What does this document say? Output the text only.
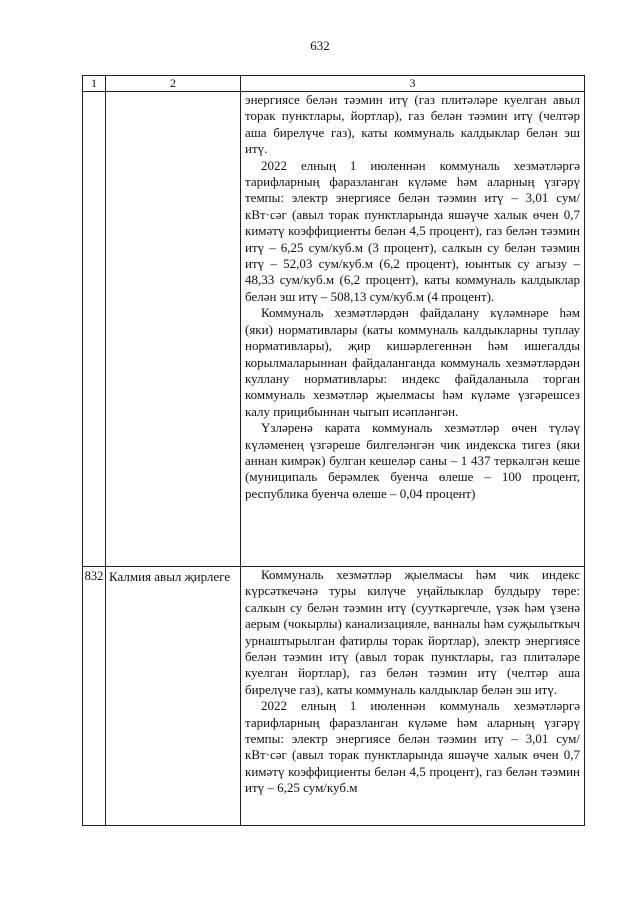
632
1	2	3

		энергиясе белән тәэмин итү (газ плитәләре куелган авыл торак пунктлары, йортлар), газ белән тәэмин итү (челтәр аша бирелүче газ), каты коммуналь калдыклар белән эш итү.

2022 елның 1 июленнән коммуналь хезмәтләргә тарифларның фаразланган күләме һәм аларның үзгәрү темпы: электр энергиясе белән тәэмин итү – 3,01 сум/кВт·сәг (авыл торак пунктларында яшәүче халык өчен 0,7 кимәтү коэффициенты белән 4,5 процент), газ белән тәэмин итү – 6,25 сум/куб.м (3 процент), салкын су белән тәэмин итү – 52,03 сум/куб.м (6,2 процент), юынтык су агызу – 48,33 сум/куб.м (6,2 процент), каты коммуналь калдыклар белән эш итү – 508,13 сум/куб.м (4 процент).

Коммуналь хезмәтләрдән файдалану күләмнәре һәм (яки) нормативлары (каты коммуналь калдыкларны туплау нормативлары), җир кишәрлегеннән һәм ишегалды корылмаларыннан файдаланганда коммуналь хезмәтләрдән куллану нормативлары: индекс файдаланыла торган коммуналь хезмәтләр җыелмасы һәм күләме үзгәрешсез калу прицибыннан чыгып исәпләнгән.

Үзләренә карата коммуналь хезмәтләр өчен түләү күләменең үзгәреше билгеләнгән чик индекска тигез (яки аннан кимрәк) булган кешеләр саны – 1 437 теркәлгән кеше (муниципаль берәмлек буенча өлеше – 100 процент, республика буенча өлеше – 0,04 процент)

832	Калмия авыл җирлеге	Коммуналь хезмәтләр җыелмасы һәм чик индекс күрсәткечәнә туры килүче уңайлыклар булдыру төре: салкын су белән тәэмин итү (сууткәргечле, үзәк һәм үзенә аерым (чокырлы) канализацияле, ванналы һәм суҗылыткыч урнаштырылган фатирлы торак йортлар), электр энергиясе белән тәэмин итү (авыл торак пунктлары, газ плитәләре куелган йортлар), газ белән тәэмин итү (челтәр аша бирелүче газ), каты коммуналь калдыклар белән эш итү.

2022 елның 1 июленнән коммуналь хезмәтләргә тарифларның фаразланган күләме һәм аларның үзгәрү темпы: электр энергиясе белән тәэмин итү – 3,01 сум/кВт·сәг (авыл торак пунктларында яшәүче халык өчен 0,7 кимәтү коэффициенты белән 4,5 процент), газ белән тәэмин итү – 6,25 сум/куб.м
